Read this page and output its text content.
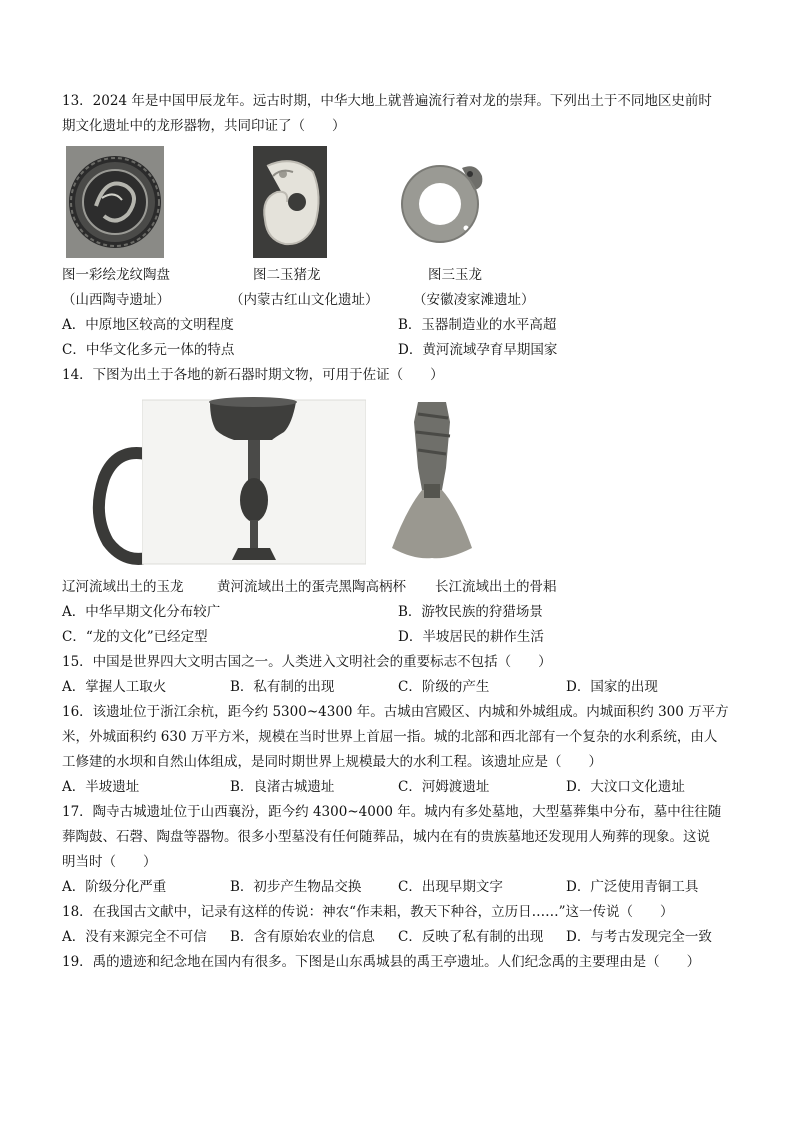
13．2024 年是中国甲辰龙年。远古时期，中华大地上就普遍流行着对龙的崇拜。下列出土于不同地区史前时
期文化遗址中的龙形器物，共同印证了（　　）
图一彩绘龙纹陶盘	图二玉猪龙	图三玉龙
（山西陶寺遗址）	（内蒙古红山文化遗址）	（安徽凌家滩遗址）
A．中原地区较高的文明程度	B．玉器制造业的水平高超
C．中华文化多元一体的特点	D．黄河流域孕育早期国家
14．下图为出土于各地的新石器时期文物，可用于佐证（　　）
辽河流域出土的玉龙 黄河流域出土的蛋壳黑陶高柄杯 长江流域出土的骨耜
A．中华早期文化分布较广	B．游牧民族的狩猎场景
C．“龙的文化”已经定型	D．半坡居民的耕作生活
15．中国是世界四大文明古国之一。人类进入文明社会的重要标志不包括（　　）
A．掌握人工取火	B．私有制的出现	C．阶级的产生	D．国家的出现
16．该遗址位于浙江余杭，距今约 5300~4300 年。古城由宫殿区、内城和外城组成。内城面积约 300 万平方
米，外城面积约 630 万平方米，规模在当时世界上首屈一指。城的北部和西北部有一个复杂的水利系统，由人
工修建的水坝和自然山体组成，是同时期世界上规模最大的水利工程。该遗址应是（　　）
A．半坡遗址	B．良渚古城遗址	C．河姆渡遗址	D．大汶口文化遗址
17．陶寺古城遗址位于山西襄汾，距今约 4300~4000 年。城内有多处墓地，大型墓葬集中分布，墓中往往随
葬陶鼓、石磬、陶盘等器物。很多小型墓没有任何随葬品，城内在有的贵族墓地还发现用人殉葬的现象。这说
明当时（　　）
A．阶级分化严重	B．初步产生物品交换	C．出现早期文字	D．广泛使用青铜工具
18．在我国古文献中，记录有这样的传说：神农“作耒耜，教天下种谷，立历日……”这一传说（　　）
A．没有来源完全不可信 B．含有原始农业的信息 C．反映了私有制的出现 D．与考古发现完全一致
19．禹的遗迹和纪念地在国内有很多。下图是山东禹城县的禹王亭遗址。人们纪念禹的主要理由是（　　）
